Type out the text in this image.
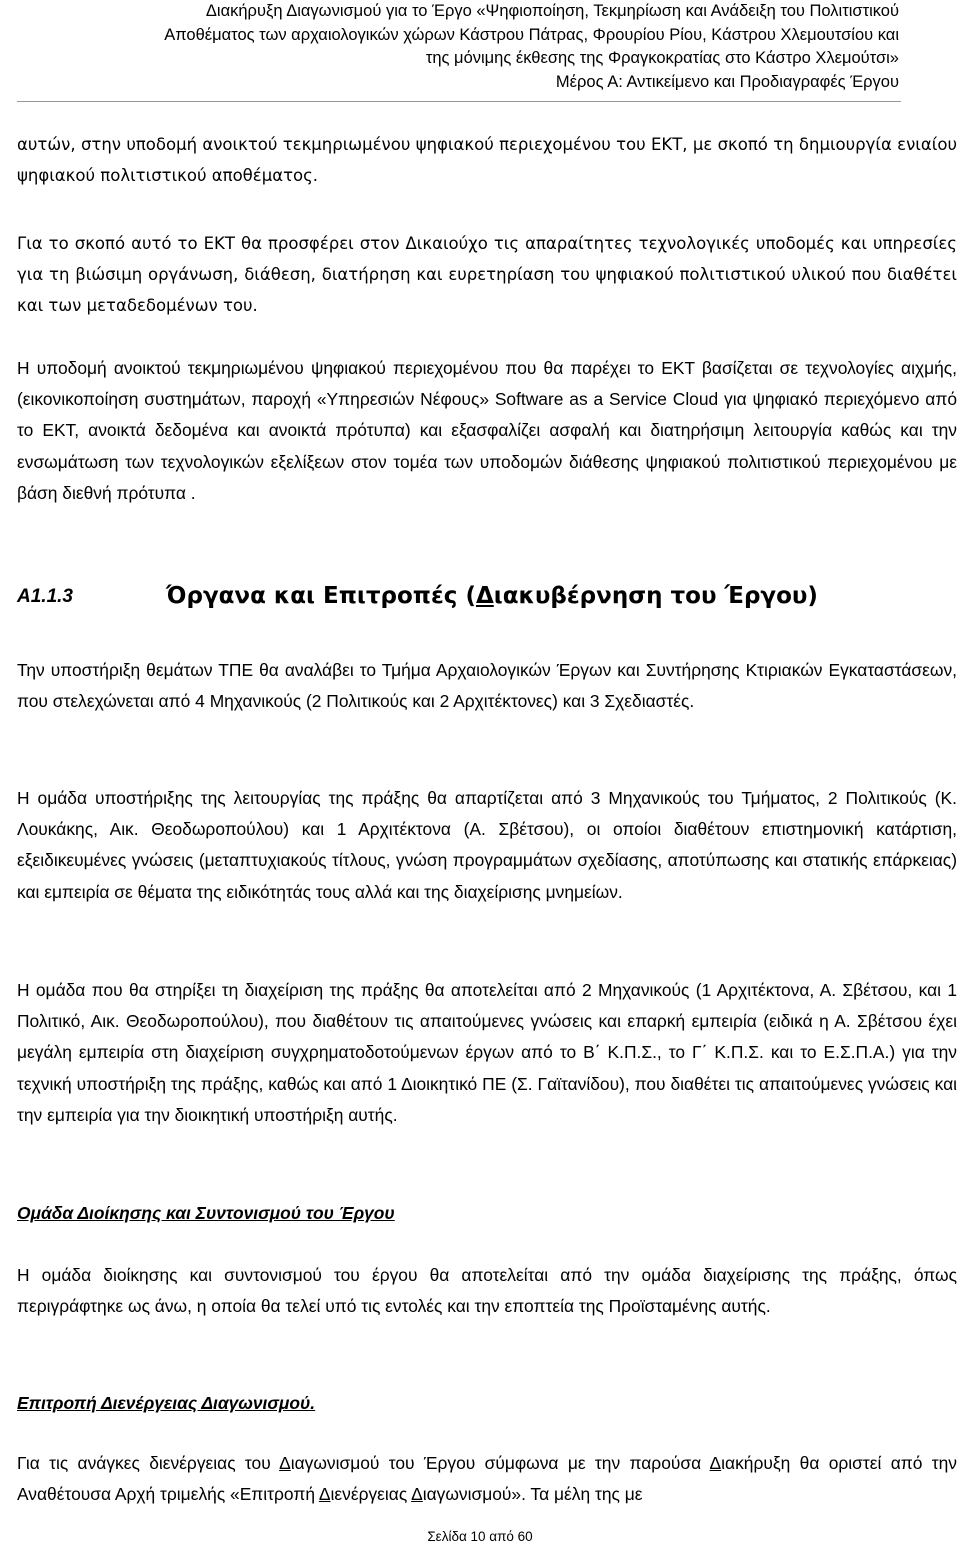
Διακήρυξη Διαγωνισμού για το Έργο «Ψηφιοποίηση, Τεκμηρίωση και Ανάδειξη του Πολιτιστικού
Αποθέματος των αρχαιολογικών χώρων Κάστρου Πάτρας, Φρουρίου Ρίου, Κάστρου Χλεμουτσίου και
της μόνιμης έκθεσης της Φραγκοκρατίας στο Κάστρο Χλεμούτσι»
Μέρος Α: Αντικείμενο και Προδιαγραφές Έργου

αυτών, στην υποδομή ανοικτού τεκμηριωμένου ψηφιακού περιεχομένου του ΕΚΤ, με σκοπό τη δημιουργία ενιαίου ψηφιακού πολιτιστικού αποθέματος.

Για το σκοπό αυτό το ΕΚΤ θα προσφέρει στον Δικαιούχο τις απαραίτητες τεχνολογικές υποδομές και υπηρεσίες για τη βιώσιμη οργάνωση, διάθεση, διατήρηση και ευρετηρίαση του ψηφιακού πολιτιστικού υλικού που διαθέτει και των μεταδεδομένων του.

Η υποδομή ανοικτού τεκμηριωμένου ψηφιακού περιεχομένου που θα παρέχει το ΕΚΤ βασίζεται σε τεχνολογίες αιχμής, (εικονικοποίηση συστημάτων, παροχή «Υπηρεσιών Νέφους» Software as a Service Cloud για ψηφιακό περιεχόμενο από το ΕΚΤ, ανοικτά δεδομένα και ανοικτά πρότυπα) και εξασφαλίζει ασφαλή και διατηρήσιμη λειτουργία καθώς και την ενσωμάτωση των τεχνολογικών εξελίξεων στον τομέα των υποδομών διάθεσης ψηφιακού πολιτιστικού περιεχομένου με βάση διεθνή πρότυπα .

Α1.1.3	Όργανα και Επιτροπές (Διακυβέρνηση του Έργου)

Την υποστήριξη θεμάτων ΤΠΕ θα αναλάβει το Τμήμα Αρχαιολογικών Έργων και Συντήρησης Κτιριακών Εγκαταστάσεων, που στελεχώνεται από 4 Μηχανικούς (2 Πολιτικούς και 2 Αρχιτέκτονες) και 3 Σχεδιαστές.

Η ομάδα υποστήριξης της λειτουργίας της πράξης θα απαρτίζεται από 3 Μηχανικούς του Τμήματος, 2 Πολιτικούς (Κ. Λουκάκης, Αικ. Θεοδωροπούλου) και 1 Αρχιτέκτονα (Α. Σβέτσου), οι οποίοι διαθέτουν επιστημονική κατάρτιση, εξειδικευμένες γνώσεις (μεταπτυχιακούς τίτλους, γνώση προγραμμάτων σχεδίασης, αποτύπωσης και στατικής επάρκειας) και εμπειρία σε θέματα της ειδικότητάς τους αλλά και της διαχείρισης μνημείων.

Η ομάδα που θα στηρίξει τη διαχείριση της πράξης θα αποτελείται από 2 Μηχανικούς (1 Αρχιτέκτονα, Α. Σβέτσου, και 1 Πολιτικό, Αικ. Θεοδωροπούλου), που διαθέτουν τις απαιτούμενες γνώσεις και επαρκή εμπειρία (ειδικά η Α. Σβέτσου έχει μεγάλη εμπειρία στη διαχείριση συγχρηματοδοτούμενων έργων από το Β΄ Κ.Π.Σ., το Γ΄ Κ.Π.Σ. και το Ε.Σ.Π.Α.) για την τεχνική υποστήριξη της πράξης, καθώς και από 1 Διοικητικό ΠΕ (Σ. Γαϊτανίδου), που διαθέτει τις απαιτούμενες γνώσεις και την εμπειρία για την διοικητική υποστήριξη αυτής.

Ομάδα Διοίκησης και Συντονισμού του Έργου

Η ομάδα διοίκησης και συντονισμού του έργου θα αποτελείται από την ομάδα διαχείρισης της πράξης, όπως περιγράφτηκε ως άνω, η οποία θα τελεί υπό τις εντολές και την εποπτεία της Προϊσταμένης αυτής.

Επιτροπή Διενέργειας Διαγωνισμού.

Για τις ανάγκες διενέργειας του Διαγωνισμού του Έργου σύμφωνα με την παρούσα Διακήρυξη θα οριστεί από την Αναθέτουσα Αρχή τριμελής «Επιτροπή Διενέργειας Διαγωνισμού». Τα μέλη της με

Σελίδα 10 από 60
